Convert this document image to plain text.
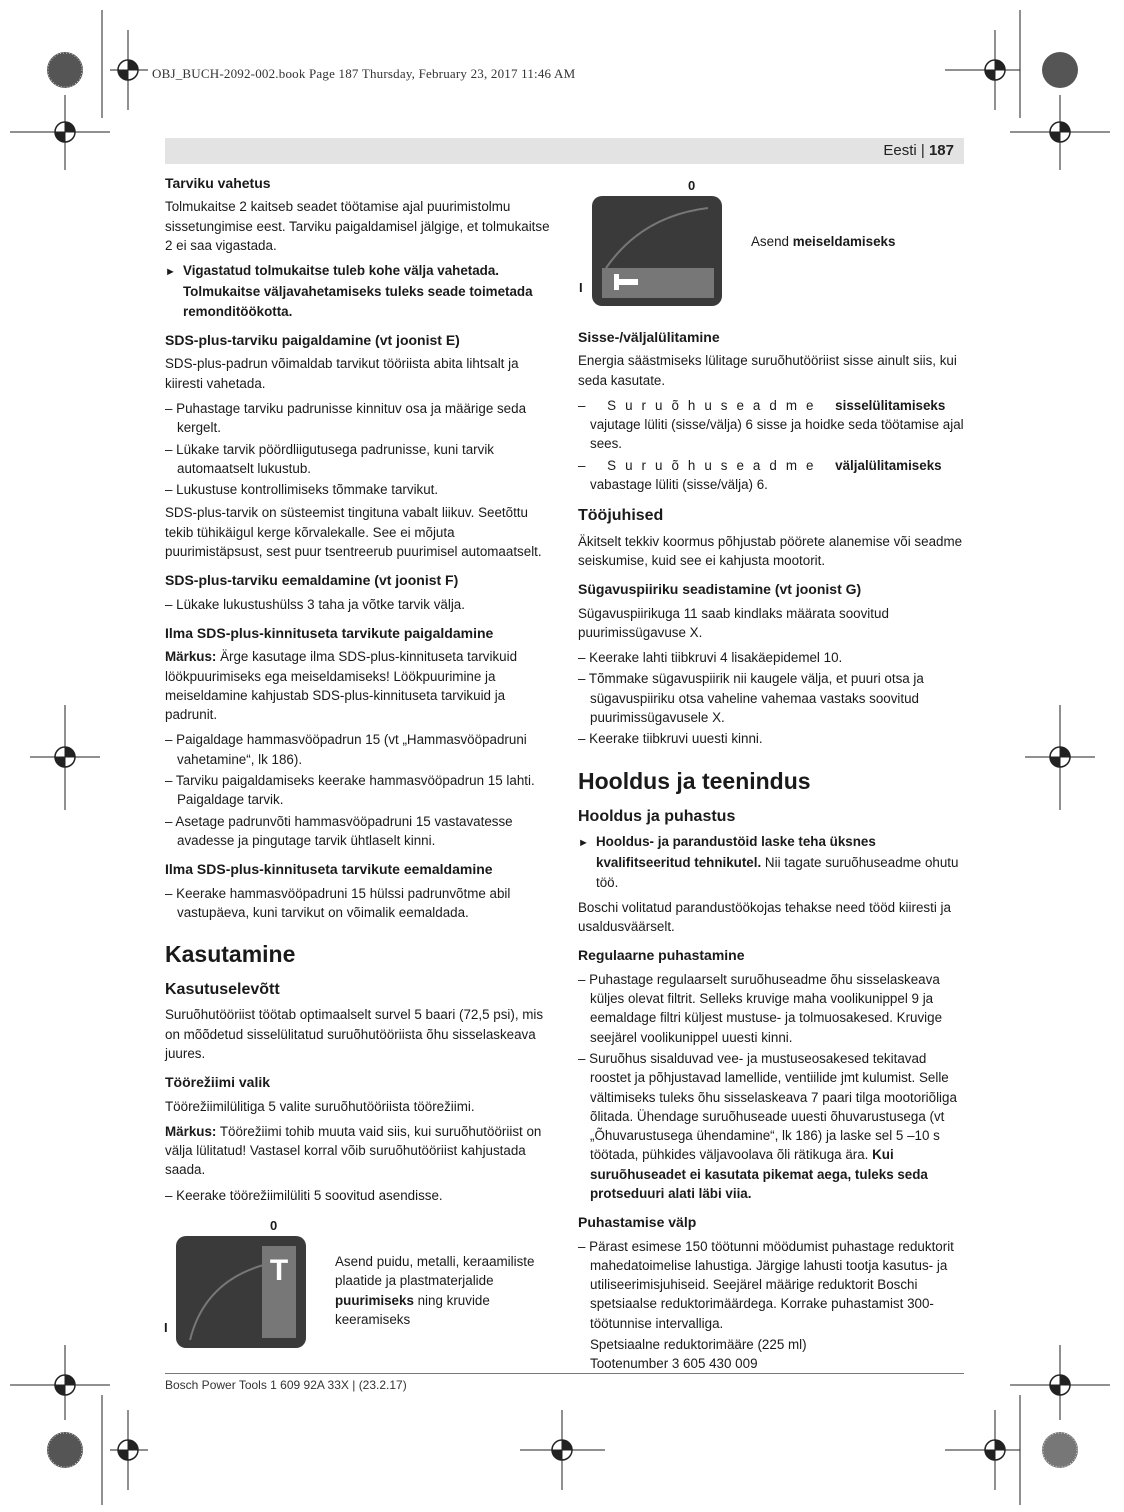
OBJ_BUCH-2092-002.book Page 187 Thursday, February 23, 2017 11:46 AM
Eesti | 187
Tarviku vahetus

Tolmukaitse 2 kaitseb seadet töötamise ajal puurimistolmu sissetungimise eest. Tarviku paigaldamisel jälgige, et tolmukaitse 2 ei saa vigastada.

► Vigastatud tolmukaitse tuleb kohe välja vahetada. Tolmukaitse väljavahetamiseks tuleks seade toimetada remonditöökotta.

SDS-plus-tarviku paigaldamine (vt joonist E)

SDS-plus-padrun võimaldab tarvikut tööriista abita lihtsalt ja kiiresti vahetada.

– Puhastage tarviku padrunisse kinnituv osa ja määrige seda kergelt.

– Lükake tarvik pöördliigutusega padrunisse, kuni tarvik automaatselt lukustub.

– Lukustuse kontrollimiseks tõmmake tarvikut.

SDS-plus-tarvik on süsteemist tingituna vabalt liikuv. Seetõttu tekib tühikäigul kerge kõrvalekalle. See ei mõjuta puurimistäpsust, sest puur tsentreerub puurimisel automaatselt.

SDS-plus-tarviku eemaldamine (vt joonist F)

– Lükake lukustushülss 3 taha ja võtke tarvik välja.

Ilma SDS-plus-kinnituseta tarvikute paigaldamine

Märkus: Ärge kasutage ilma SDS-plus-kinnituseta tarvikuid löökpuurimiseks ega meiseldamiseks! Löökpuurimine ja meiseldamine kahjustab SDS-plus-kinnituseta tarvikuid ja padrunit.

– Paigaldage hammasvööpadrun 15 (vt „Hammasvööpadruni vahetamine“, lk 186).

– Tarviku paigaldamiseks keerake hammasvööpadrun 15 lahti. Paigaldage tarvik.

– Asetage padrunvõti hammasvööpadruni 15 vastavatesse avadesse ja pingutage tarvik ühtlaselt kinni.

Ilma SDS-plus-kinnituseta tarvikute eemaldamine

– Keerake hammasvööpadruni 15 hülssi padrunvõtme abil vastupäeva, kuni tarvikut on võimalik eemaldada.

Kasutamine
Kasutuselevõtt

Suruõhutööriist töötab optimaalselt survel 5 baari (72,5 psi), mis on mõõdetud sisselülitatud suruõhutööriista õhu sisselaskeava juures.

Töörežiimi valik

Töörežiimilülitiga 5 valite suruõhutööriista töörežiimi.

Märkus: Töörežiimi tohib muuta vaid siis, kui suruõhutööriist on välja lülitatud! Vastasel korral võib suruõhutööriist kahjustada saada.

– Keerake töörežiimilüliti 5 soovitud asendisse.

0
I
T	Asend puidu, metalli, keraamiliste plaatide ja plastmaterjalide puurimiseks ning kruvide keeramiseks
0
I
Asend meiseldamiseks
Sisse-/väljalülitamine

Energia säästmiseks lülitage suruõhutööriist sisse ainult siis, kui seda kasutate.

– Suruõhuseadme sisselülitamiseks vajutage lüliti (sisse/välja) 6 sisse ja hoidke seda töötamise ajal sees.

– Suruõhuseadme väljalülitamiseks vabastage lüliti (sisse/välja) 6.

Tööjuhised

Äkitselt tekkiv koormus põhjustab pöörete alanemise või seadme seiskumise, kuid see ei kahjusta mootorit.

Sügavuspiiriku seadistamine (vt joonist G)

Sügavuspiirikuga 11 saab kindlaks määrata soovitud puurimissügavuse X.

– Keerake lahti tiibkruvi 4 lisakäepidemel 10.

– Tõmmake sügavuspiirik nii kaugele välja, et puuri otsa ja sügavuspiiriku otsa vaheline vahemaa vastaks soovitud puurimissügavusele X.

– Keerake tiibkruvi uuesti kinni.

Hooldus ja teenindus
Hooldus ja puhastus

► Hooldus- ja parandustöid laske teha üksnes kvalifitseeritud tehnikutel. Nii tagate suruõhuseadme ohutu töö.

Boschi volitatud parandustöökojas tehakse need tööd kiiresti ja usaldusväärselt.

Regulaarne puhastamine

– Puhastage regulaarselt suruõhuseadme õhu sisselaskeava küljes olevat filtrit. Selleks kruvige maha voolikunippel 9 ja eemaldage filtri küljest mustuse- ja tolmuosakesed. Kruvige seejärel voolikunippel uuesti kinni.

– Suruõhus sisalduvad vee- ja mustuseosakesed tekitavad roostet ja põhjustavad lamellide, ventiilide jmt kulumist. Selle vältimiseks tuleks õhu sisselaskeava 7 paari tilga mootoriõliga õlitada. Ühendage suruõhuseade uuesti õhuvarustusega (vt „Õhuvarustusega ühendamine“, lk 186) ja laske sel 5 –10 s töötada, pühkides väljavoolava õli rätikuga ära. Kui suruõhuseadet ei kasutata pikemat aega, tuleks seda protseduuri alati läbi viia.

Puhastamise välp

– Pärast esimese 150 töötunni möödumist puhastage reduktorit mahedatoimelise lahustiga. Järgige lahusti tootja kasutus- ja utiliseerimisjuhiseid. Seejärel määrige reduktorit Boschi spetsiaalse reduktorimäärdega. Korrake puhastamist 300-töötunnise intervalliga.

Spetsiaalne reduktorimääre (225 ml)

Tootenumber 3 605 430 009

Bosch Power Tools 1 609 92A 33X | (23.2.17)
